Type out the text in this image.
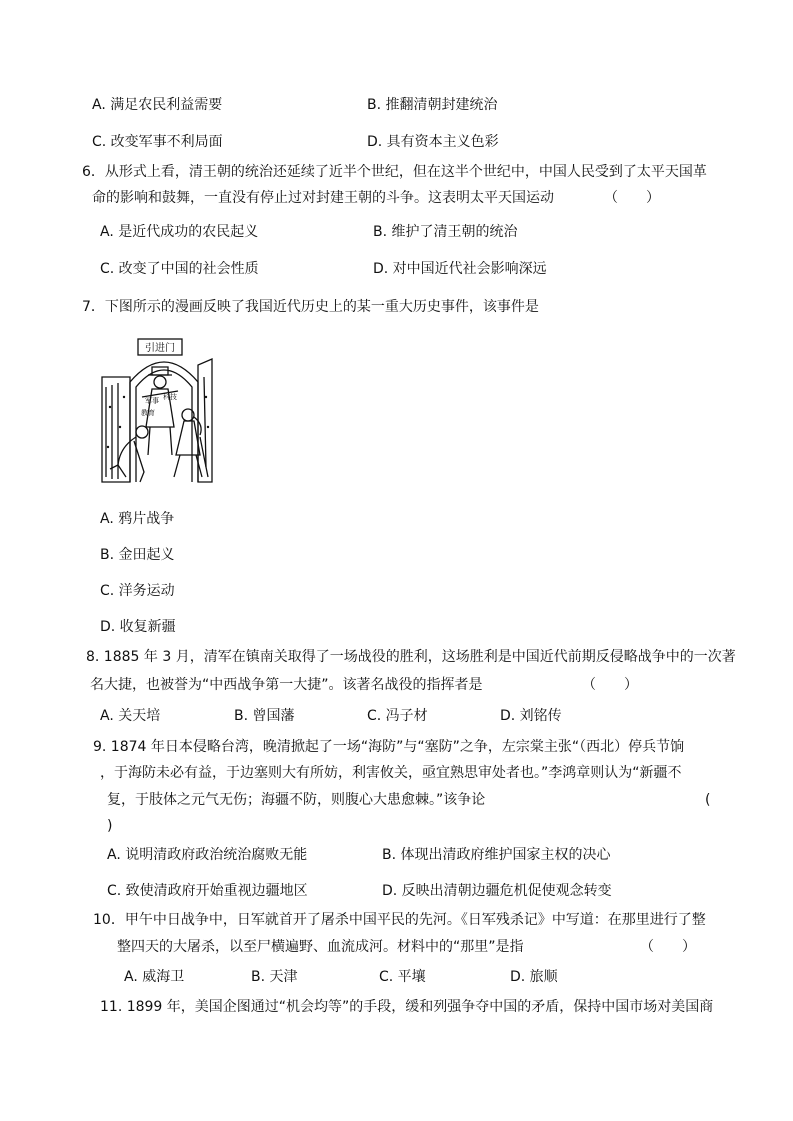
A. 满足农民利益需要	B. 推翻清朝封建统治
C. 改变军事不利局面	D. 具有资本主义色彩
6．从形式上看，清王朝的统治还延续了近半个世纪，但在这半个世纪中，中国人民受到了太平天国革
命的影响和鼓舞，一直没有停止过对封建王朝的斗争。这表明太平天国运动	（　　）
A. 是近代成功的农民起义	B. 维护了清王朝的统治
C. 改变了中国的社会性质	D. 对中国近代社会影响深远
7．下图所示的漫画反映了我国近代历史上的某一重大历史事件，该事件是
引进门
军事 科技
教育
A. 鸦片战争
B. 金田起义
C. 洋务运动
D. 收复新疆
8. 1885 年 3 月，清军在镇南关取得了一场战役的胜利，这场胜利是中国近代前期反侵略战争中的一次著
名大捷，也被誉为“中西战争第一大捷”。该著名战役的指挥者是	（　　）
A. 关天培	B. 曾国藩	C. 冯子材	D. 刘铭传
9. 1874 年日本侵略台湾，晚清掀起了一场“海防”与“塞防”之争，左宗棠主张“（西北）停兵节饷
，于海防未必有益，于边塞则大有所妨，利害攸关，亟宜熟思审处者也。”李鸿章则认为“新疆不
复，于肢体之元气无伤；海疆不防，则腹心大患愈棘。”该争论	(
)
A. 说明清政府政治统治腐败无能	B. 体现出清政府维护国家主权的决心
C. 致使清政府开始重视边疆地区	D. 反映出清朝边疆危机促使观念转变
10．甲午中日战争中，日军就首开了屠杀中国平民的先河。《日军残杀记》中写道：在那里进行了整
整四天的大屠杀，以至尸横遍野、血流成河。材料中的“那里”是指	（　　）
A. 威海卫	B. 天津	C. 平壤	D. 旅顺
11. 1899 年，美国企图通过“机会均等”的手段，缓和列强争夺中国的矛盾，保持中国市场对美国商
